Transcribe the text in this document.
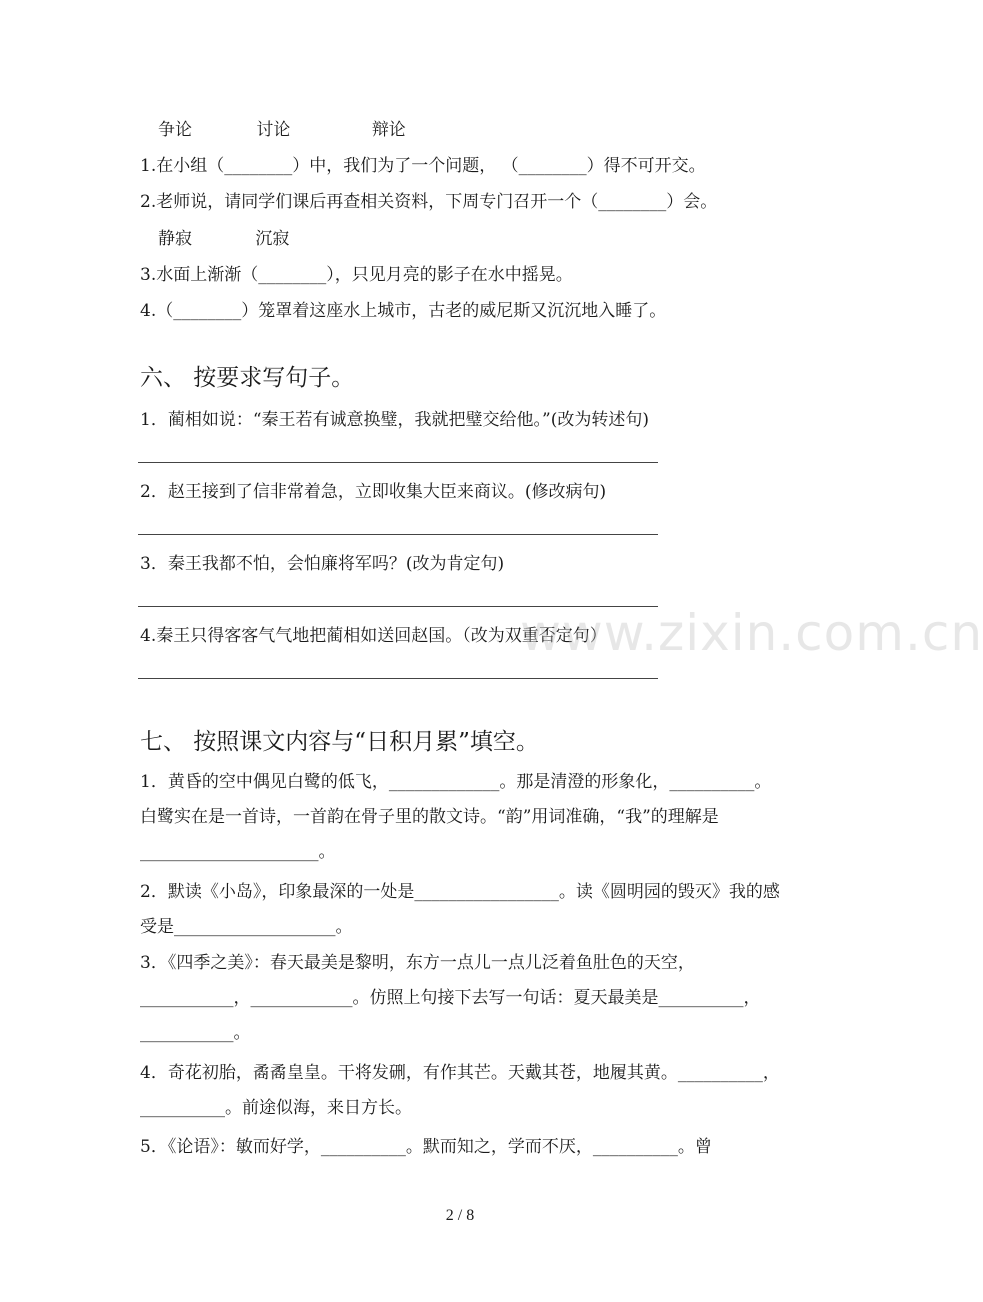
争论	讨论	辩论
1.在小组（________）中，我们为了一个问题， （________）得不可开交。
2.老师说，请同学们课后再查相关资料，下周专门召开一个（________）会。
静寂	沉寂
3.水面上渐渐（________），只见月亮的影子在水中摇晃。
4.（________）笼罩着这座水上城市，古老的威尼斯又沉沉地入睡了。
六、 按要求写句子。
1．蔺相如说：“秦王若有诚意换璧，我就把璧交给他。”(改为转述句)
2．赵王接到了信非常着急，立即收集大臣来商议。(修改病句)
3．秦王我都不怕，会怕廉将军吗？(改为肯定句)
4.秦王只得客客气气地把蔺相如送回赵国。（改为双重否定句）
www.zixin.com.cn
七、 按照课文内容与“日积月累”填空。
1．黄昏的空中偶见白鹭的低飞，_____________。那是清澄的形象化，__________。白鹭实在是一首诗，一首韵在骨子里的散文诗。“韵”用词准确，“我”的理解是_____________________。
2．默读《小岛》，印象最深的一处是_________________。读《圆明园的毁灭》我的感受是___________________。
3．《四季之美》：春天最美是黎明，东方一点儿一点儿泛着鱼肚色的天空，___________，____________。仿照上句接下去写一句话：夏天最美是__________，___________。
4．奇花初胎，矞矞皇皇。干将发硎，有作其芒。天戴其苍，地履其黄。__________，__________。前途似海，来日方长。
5．《论语》：敏而好学，__________。默而知之，学而不厌，__________。曾
2 / 8
